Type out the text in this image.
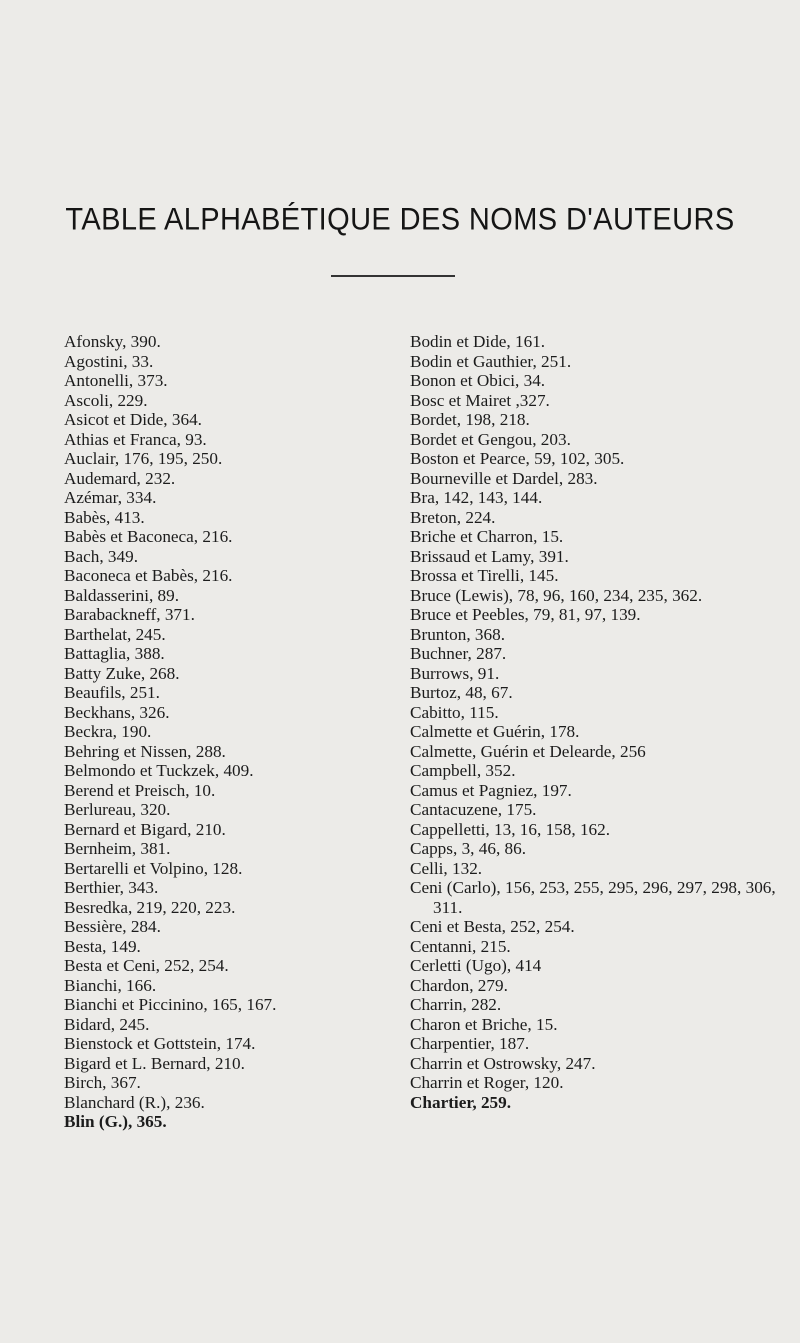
TABLE ALPHABÉTIQUE DES NOMS D'AUTEURS
Afonsky, 390.
Agostini, 33.
Antonelli, 373.
Ascoli, 229.
Asicot et Dide, 364.
Athias et Franca, 93.
Auclair, 176, 195, 250.
Audemard, 232.
Azémar, 334.
Babès, 413.
Babès et Baconeca, 216.
Bach, 349.
Baconeca et Babès, 216.
Baldasserini, 89.
Barabackneff, 371.
Barthelat, 245.
Battaglia, 388.
Batty Zuke, 268.
Beaufils, 251.
Beckhans, 326.
Beckra, 190.
Behring et Nissen, 288.
Belmondo et Tuckzek, 409.
Berend et Preisch, 10.
Berlureau, 320.
Bernard et Bigard, 210.
Bernheim, 381.
Bertarelli et Volpino, 128.
Berthier, 343.
Besredka, 219, 220, 223.
Bessière, 284.
Besta, 149.
Besta et Ceni, 252, 254.
Bianchi, 166.
Bianchi et Piccinino, 165, 167.
Bidard, 245.
Bienstock et Gottstein, 174.
Bigard et L. Bernard, 210.
Birch, 367.
Blanchard (R.), 236.
Blin (G.), 365.
Bodin et Dide, 161.
Bodin et Gauthier, 251.
Bonon et Obici, 34.
Bosc et Mairet ,327.
Bordet, 198, 218.
Bordet et Gengou, 203.
Boston et Pearce, 59, 102, 305.
Bourneville et Dardel, 283.
Bra, 142, 143, 144.
Breton, 224.
Briche et Charron, 15.
Brissaud et Lamy, 391.
Brossa et Tirelli, 145.
Bruce (Lewis), 78, 96, 160, 234, 235, 362.
Bruce et Peebles, 79, 81, 97, 139.
Brunton, 368.
Buchner, 287.
Burrows, 91.
Burtoz, 48, 67.
Cabitto, 115.
Calmette et Guérin, 178.
Calmette, Guérin et Delearde, 256
Campbell, 352.
Camus et Pagniez, 197.
Cantacuzene, 175.
Cappelletti, 13, 16, 158, 162.
Capps, 3, 46, 86.
Celli, 132.
Ceni (Carlo), 156, 253, 255, 295, 296, 297, 298, 306, 311.
Ceni et Besta, 252, 254.
Centanni, 215.
Cerletti (Ugo), 414
Chardon, 279.
Charrin, 282.
Charon et Briche, 15.
Charpentier, 187.
Charrin et Ostrowsky, 247.
Charrin et Roger, 120.
Chartier, 259.
